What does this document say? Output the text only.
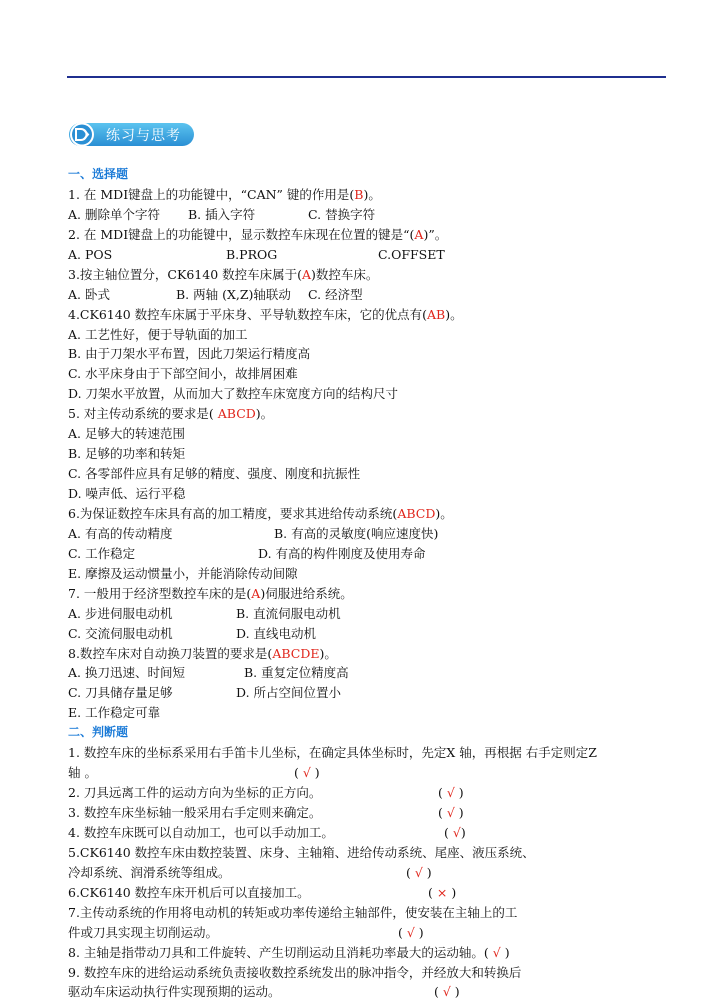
练习与思考
一、选择题
1. 在 MDI键盘上的功能键中，“CAN” 键的作用是(B)。
A. 删除单个字符 B. 插入字符	C. 替换字符
2. 在 MDI键盘上的功能键中，显示数控车床现在位置的键是“(A)”。
A. POS	B.PROG	C.OFFSET
3.按主轴位置分，CK6140 数控车床属于(A)数控车床。
A. 卧式	B. 两轴 (X,Z)轴联动 C. 经济型
4.CK6140 数控车床属于平床身、平导轨数控车床，它的优点有(AB)。
A. 工艺性好，便于导轨面的加工
B. 由于刀架水平布置，因此刀架运行精度高
C. 水平床身由于下部空间小，故排屑困难
D. 刀架水平放置，从而加大了数控车床宽度方向的结构尺寸
5. 对主传动系统的要求是( ABCD)。
A. 足够大的转速范围
B. 足够的功率和转矩
C. 各零部件应具有足够的精度、强度、刚度和抗振性
D. 噪声低、运行平稳
6.为保证数控车床具有高的加工精度，要求其进给传动系统(ABCD)。
A. 有高的传动精度	B. 有高的灵敏度(响应速度快)
C. 工作稳定	D. 有高的构件刚度及使用寿命
E. 摩擦及运动惯量小，并能消除传动间隙
7. 一般用于经济型数控车床的是(A)伺服进给系统。
A. 步进伺服电动机	B. 直流伺服电动机
C. 交流伺服电动机	D. 直线电动机
8.数控车床对自动换刀装置的要求是(ABCDE)。
A. 换刀迅速、时间短	B. 重复定位精度高
C. 刀具储存量足够	D. 所占空间位置小
E. 工作稳定可靠
二、判断题
1. 数控车床的坐标系采用右手笛卡儿坐标，在确定具体坐标时，先定X 轴，再根据 右手定则定Z
轴 。	( √ )
2. 刀具远离工件的运动方向为坐标的正方向。	( √ )
3. 数控车床坐标轴一般采用右手定则来确定。	( √ )
4. 数控车床既可以自动加工，也可以手动加工。	( √)
5.CK6140 数控车床由数控装置、床身、主轴箱、进给传动系统、尾座、液压系统、
冷却系统、润滑系统等组成。	( √ )
6.CK6140 数控车床开机后可以直接加工。	( × )
7.主传动系统的作用将电动机的转矩或功率传递给主轴部件，使安装在主轴上的工
件或刀具实现主切削运动。	( √ )
8. 主轴是指带动刀具和工件旋转、产生切削运动且消耗功率最大的运动轴。( √ )
9. 数控车床的进给运动系统负责接收数控系统发出的脉冲指令，并经放大和转换后
驱动车床运动执行件实现预期的运动。	( √ )
